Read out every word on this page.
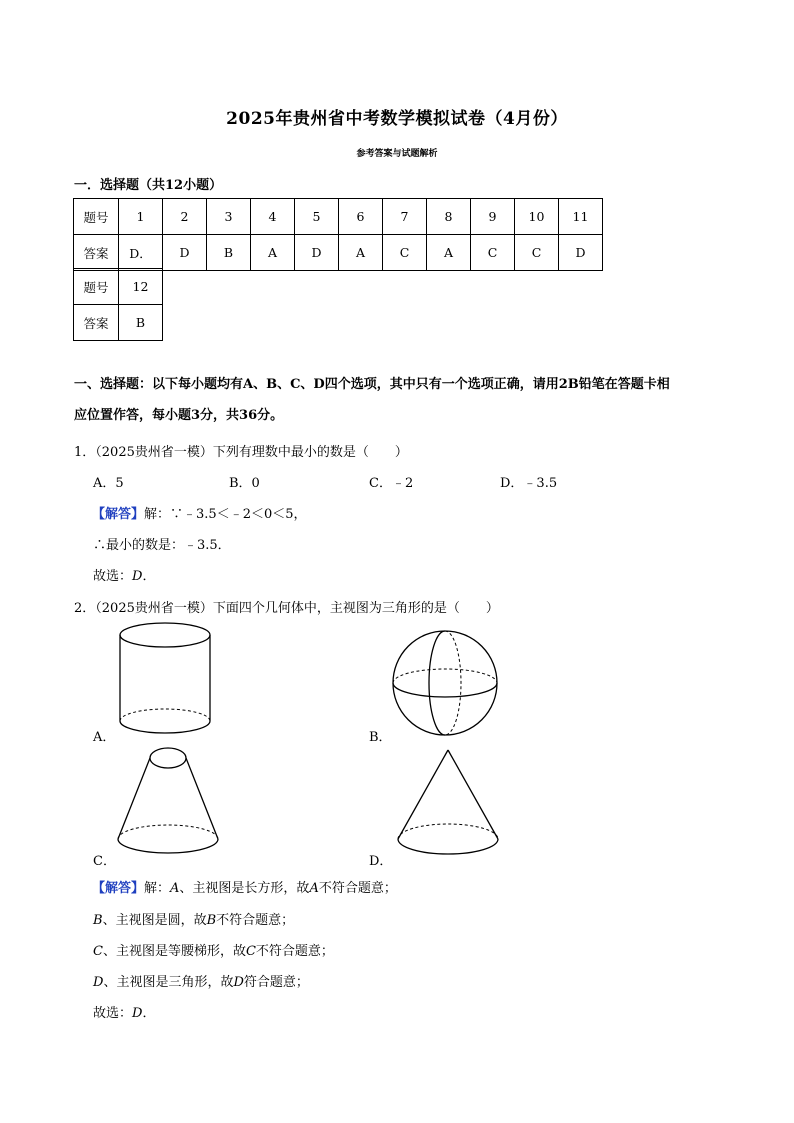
2025年贵州省中考数学模拟试卷（4月份）
参考答案与试题解析
一．选择题（共12小题）
题号	1	2	3	4	5	6	7	8	9	10	11
答案	D．	D	B	A	D	A	C	A	C	C	D
题号	12
答案	B
一、选择题：以下每小题均有A、B、C、D四个选项，其中只有一个选项正确，请用2B铅笔在答题卡相
应位置作答，每小题3分，共36分。
1．（2025贵州省一模）下列有理数中最小的数是（　　）
A．5	B．0	C．﹣2	D．﹣3.5
【解答】解：∵﹣3.5＜﹣2＜0＜5，
∴最小的数是：﹣3.5．
故选：D．
2．（2025贵州省一模）下面四个几何体中，主视图为三角形的是（　　）
A．	B．
C．	D．
【解答】解：A、主视图是长方形，故A不符合题意；
B、主视图是圆，故B不符合题意；
C、主视图是等腰梯形，故C不符合题意；
D、主视图是三角形，故D符合题意；
故选：D．
